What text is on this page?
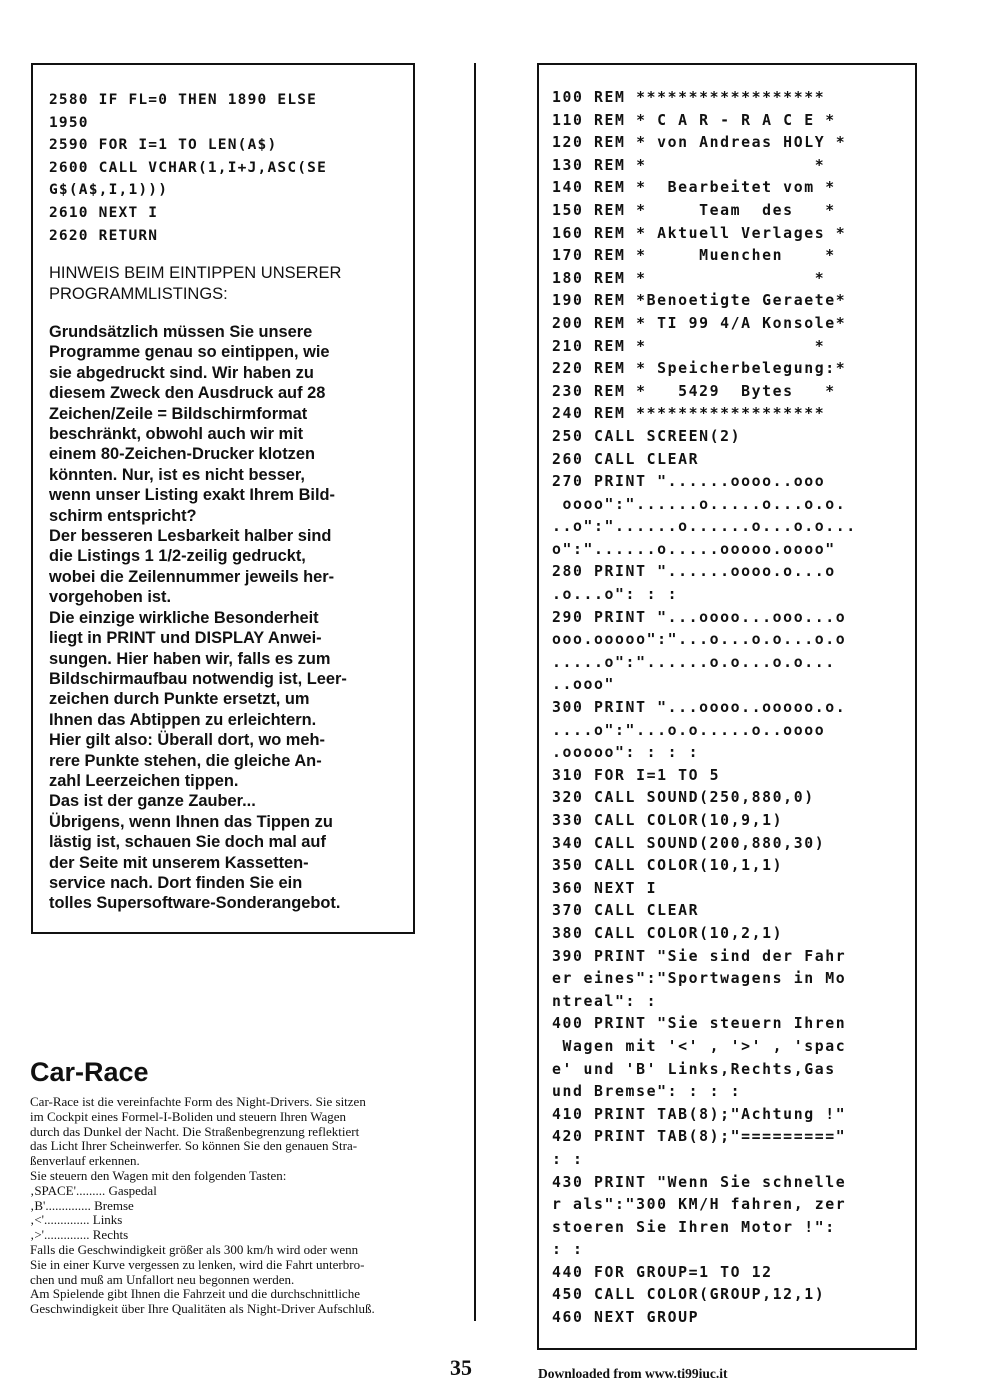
2580 IF FL=0 THEN 1890 ELSE
1950
2590 FOR I=1 TO LEN(A$)
2600 CALL VCHAR(1,I+J,ASC(SE
G$(A$,I,1)))
2610 NEXT I
2620 RETURN
HINWEIS BEIM EINTIPPEN UNSERER PROGRAMMLISTINGS:
Grundsätzlich müssen Sie unsere
Programme genau so eintippen, wie
sie abgedruckt sind. Wir haben zu
diesem Zweck den Ausdruck auf 28
Zeichen/Zeile = Bildschirmformat
beschränkt, obwohl auch wir mit
einem 80-Zeichen-Drucker klotzen
könnten. Nur, ist es nicht besser,
wenn unser Listing exakt Ihrem Bild-
schirm entspricht?
Der besseren Lesbarkeit halber sind
die Listings 1 1/2-zeilig gedruckt,
wobei die Zeilennummer jeweils her-
vorgehoben ist.
Die einzige wirkliche Besonderheit
liegt in PRINT und DISPLAY Anwei-
sungen. Hier haben wir, falls es zum
Bildschirmaufbau notwendig ist, Leer-
zeichen durch Punkte ersetzt, um
Ihnen das Abtippen zu erleichtern.
Hier gilt also: Überall dort, wo meh-
rere Punkte stehen, die gleiche An-
zahl Leerzeichen tippen.
Das ist der ganze Zauber...
Übrigens, wenn Ihnen das Tippen zu
lästig ist, schauen Sie doch mal auf
der Seite mit unserem Kassetten-
service nach. Dort finden Sie ein
tolles Supersoftware-Sonderangebot.
100 REM ******************
110 REM * C A R - R A C E *
120 REM * von Andreas HOLY *
130 REM *                *
140 REM *  Bearbeitet vom *
150 REM *     Team  des   *
160 REM * Aktuell Verlages *
170 REM *     Muenchen    *
180 REM *                *
190 REM *Benoetigte Geraete*
200 REM * TI 99 4/A Konsole*
210 REM *                *
220 REM * Speicherbelegung:*
230 REM *   5429  Bytes   *
240 REM ******************
250 CALL SCREEN(2)
260 CALL CLEAR
270 PRINT "......oooo..ooo
oooo":"......o.....o...o.o.
..o":"......o......o...o.o...
o":"......o.....ooooo.oooo"
280 PRINT "......oooo.o...o
.o...o": : :
290 PRINT "...oooo...ooo...o
ooo.ooooo":"...o...o.o...o.o
.....o":"......o.o...o.o...
..ooo"
300 PRINT "...oooo..ooooo.o.
....o":"...o.o.....o..oooo
.ooooo": : : :
310 FOR I=1 TO 5
320 CALL SOUND(250,880,0)
330 CALL COLOR(10,9,1)
340 CALL SOUND(200,880,30)
350 CALL COLOR(10,1,1)
360 NEXT I
370 CALL CLEAR
380 CALL COLOR(10,2,1)
390 PRINT "Sie sind der Fahr
er eines":"Sportwagens in Mo
ntreal": :
400 PRINT "Sie steuern Ihren
Wagen mit '<' , '>' , 'spac
e' und 'B' Links,Rechts,Gas
und Bremse": : : :
410 PRINT TAB(8);"Achtung !"
420 PRINT TAB(8);"========="
: :
430 PRINT "Wenn Sie schnelle
r als":"300 KM/H fahren, zer
stoeren Sie Ihren Motor !":
: :
440 FOR GROUP=1 TO 12
450 CALL COLOR(GROUP,12,1)
460 NEXT GROUP
Car-Race
Car-Race ist die vereinfachte Form des Night-Drivers. Sie sitzen
im Cockpit eines Formel-I-Boliden und steuern Ihren Wagen
durch das Dunkel der Nacht. Die Straßenbegrenzung reflektiert
das Licht Ihrer Scheinwerfer. So können Sie den genauen Stra-
ßenverlauf erkennen.
Sie steuern den Wagen mit den folgenden Tasten:
‚SPACE'......... Gaspedal
‚B'.............. Bremse
‚<'.............. Links
‚>'.............. Rechts
Falls die Geschwindigkeit größer als 300 km/h wird oder wenn
Sie in einer Kurve vergessen zu lenken, wird die Fahrt unterbro-
chen und muß am Unfallort neu begonnen werden.
Am Spielende gibt Ihnen die Fahrzeit und die durchschnittliche
Geschwindigkeit über Ihre Qualitäten als Night-Driver Aufschluß.
35	Downloaded from www.ti99iuc.it
